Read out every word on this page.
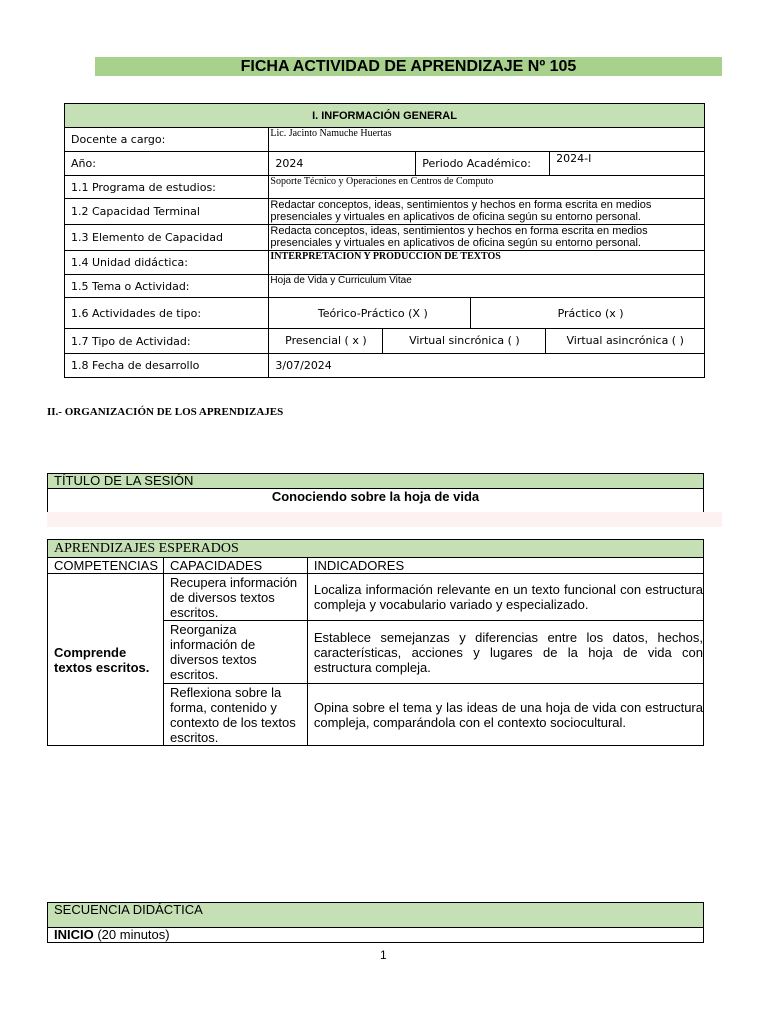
FICHA ACTIVIDAD DE APRENDIZAJE Nº 105
I. INFORMACIÓN GENERAL				
Docente a cargo:	Lic. Jacinto Namuche Huertas			
Año:	2024	Periodo Académico:		2024-I
1.1 Programa de estudios:	Soporte Técnico y Operaciones en Centros de Computo			
1.2 Capacidad Terminal	Redactar conceptos, ideas, sentimientos y hechos en forma escrita en medios presenciales y virtuales en aplicativos de oficina según su entorno personal.			
1.3 Elemento de Capacidad	Redacta conceptos, ideas, sentimientos y hechos en forma escrita en medios presenciales y virtuales en aplicativos de oficina según su entorno personal.			
1.4 Unidad didáctica:	INTERPRETACION Y PRODUCCION DE TEXTOS			
1.5 Tema o Actividad:	Hoja de Vida y Curriculum Vitae			
1.6 Actividades de tipo:	Teórico-Práctico (X )		Práctico (x )	
1.7 Tipo de Actividad:	Presencial ( x ) Virtual sincrónica ( ) Virtual asincrónica ( )			

1.8 Fecha de desarrollo	3/07/2024			
II.- ORGANIZACIÓN DE LOS APRENDIZAJES
TÍTULO DE LA SESIÓN
Conociendo sobre la hoja de vida
APRENDIZAJES ESPERADOS		
COMPETENCIAS	CAPACIDADES	INDICADORES
Comprende textos escritos.	Recupera información de diversos textos escritos.	Localiza información relevante en un texto funcional con estructura compleja y vocabulario variado y especializado.
	Reorganiza información de diversos textos escritos.	Establece semejanzas y diferencias entre los datos, hechos, características, acciones y lugares de la hoja de vida con estructura compleja.
	Reflexiona sobre la forma, contenido y contexto de los textos escritos.	Opina sobre el tema y las ideas de una hoja de vida con estructura compleja, comparándola con el contexto sociocultural.
SECUENCIA DIDÁCTICA
INICIO (20 minutos)
1
